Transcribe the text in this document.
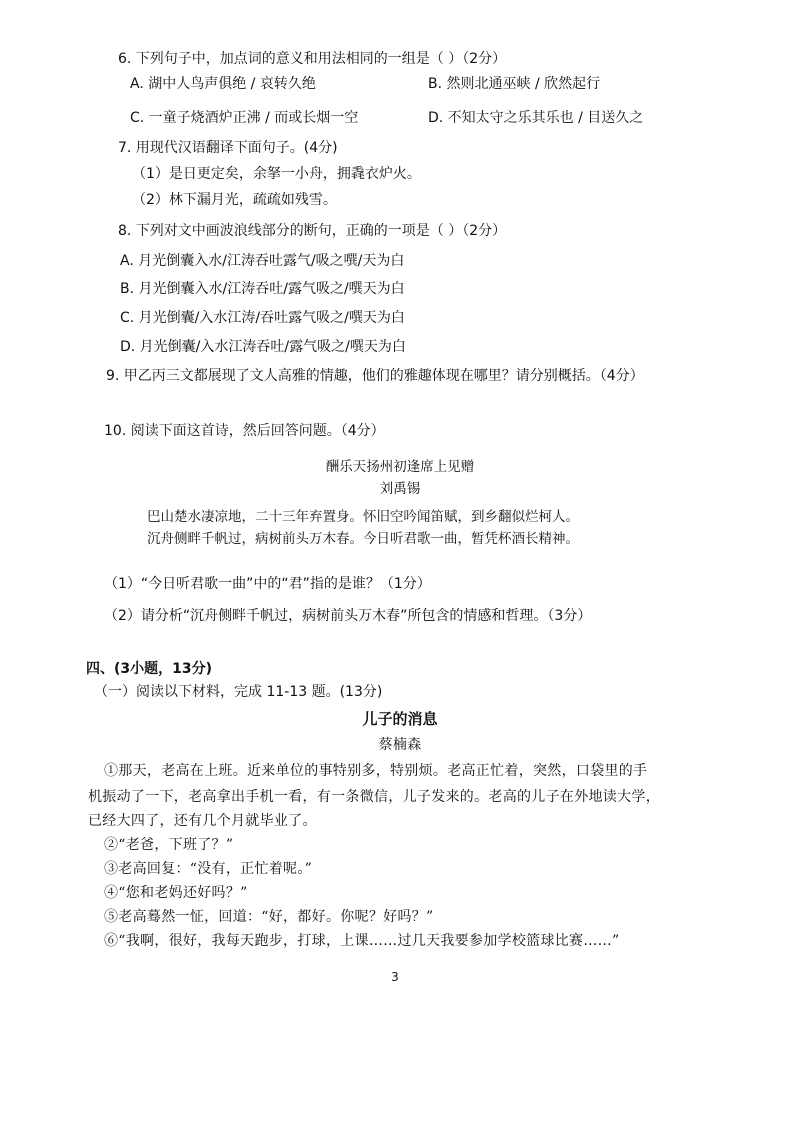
6. 下列句子中，加点词的意义和用法相同的一组是（ ）（2分）
A. 湖中人鸟声俱绝 / 哀转久绝	B. 然则北通巫峡 / 欣然起行
C. 一童子烧酒炉正沸 / 而或长烟一空	D. 不知太守之乐其乐也 / 目送久之
7. 用现代汉语翻译下面句子。(4分)
（1）是日更定矣，余拏一小舟，拥毳衣炉火。
（2）林下漏月光，疏疏如残雪。
8. 下列对文中画波浪线部分的断句，正确的一项是（ ）（2分）
A. 月光倒囊入水/江涛吞吐露气/吸之噀/天为白
B. 月光倒囊入水/江涛吞吐/露气吸之/噀天为白
C. 月光倒囊/入水江涛/吞吐露气吸之/噀天为白
D. 月光倒囊/入水江涛吞吐/露气吸之/噀天为白
9. 甲乙丙三文都展现了文人高雅的情趣，他们的雅趣体现在哪里？请分别概括。（4分）
10. 阅读下面这首诗，然后回答问题。（4分）
酬乐天扬州初逢席上见赠
刘禹锡
巴山楚水凄凉地，二十三年弃置身。怀旧空吟闻笛赋，到乡翻似烂柯人。
沉舟侧畔千帆过，病树前头万木春。今日听君歌一曲，暂凭杯酒长精神。
（1）“今日听君歌一曲”中的“君”指的是谁？（1分）
（2）请分析“沉舟侧畔千帆过，病树前头万木春”所包含的情感和哲理。（3分）
四、(3小题，13分)
（一）阅读以下材料，完成 11-13 题。(13分)
儿子的消息
蔡楠森
①那天，老高在上班。近来单位的事特别多，特别烦。老高正忙着，突然，口袋里的手
机振动了一下，老高拿出手机一看，有一条微信，儿子发来的。老高的儿子在外地读大学，
已经大四了，还有几个月就毕业了。
②“老爸，下班了？”
③老高回复：“没有，正忙着呢。”
④“您和老妈还好吗？”
⑤老高蓦然一怔，回道：“好，都好。你呢？好吗？”
⑥“我啊，很好，我每天跑步，打球，上课……过几天我要参加学校篮球比赛……”
3
